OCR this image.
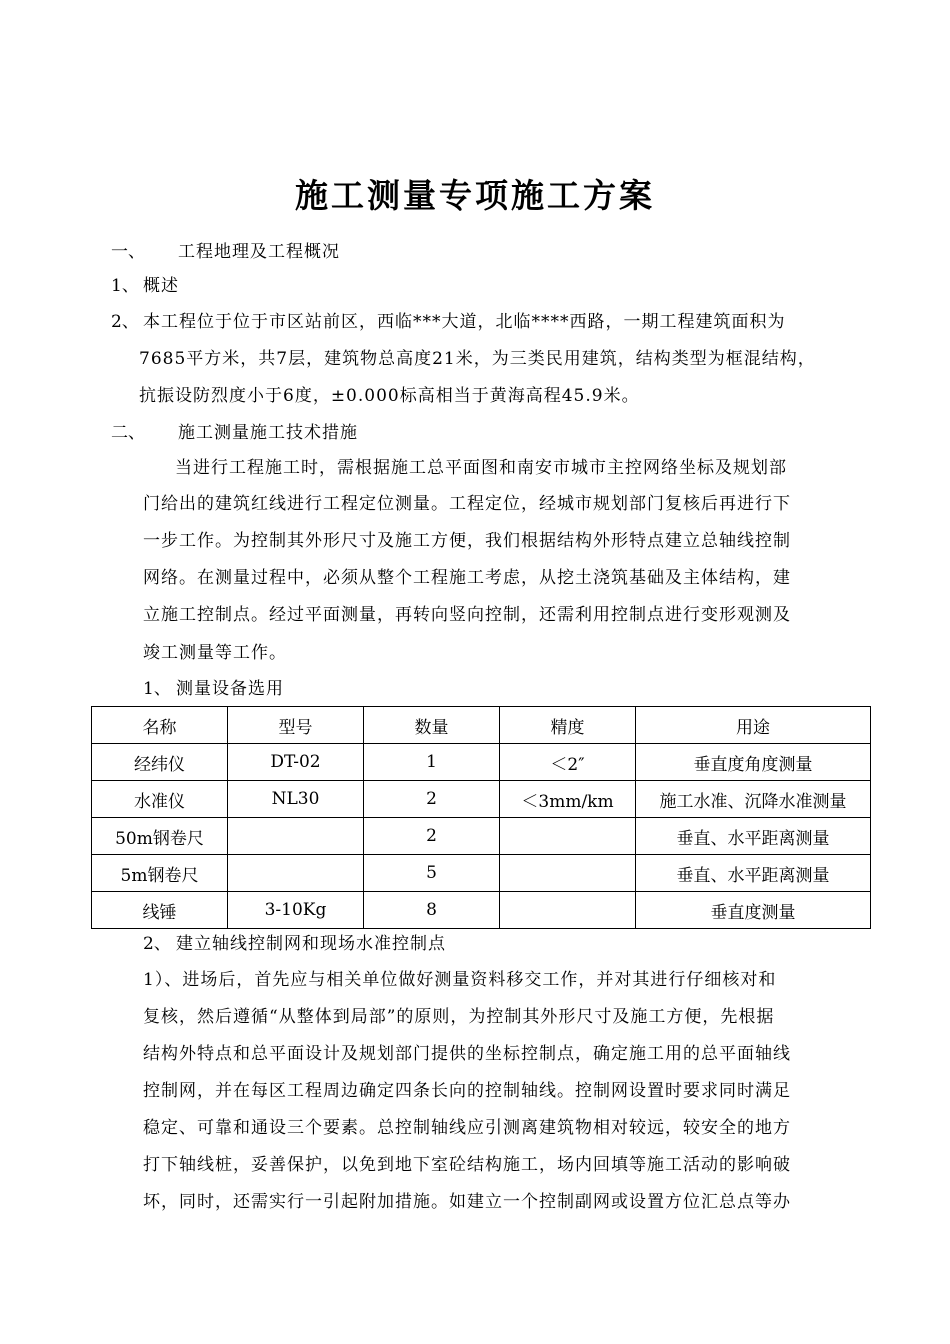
施工测量专项施工方案
一、 工程地理及工程概况
1、 概述
2、 本工程位于位于市区站前区，西临***大道，北临****西路，一期工程建筑面积为
7685平方米，共7层，建筑物总高度21米，为三类民用建筑，结构类型为框混结构，
抗振设防烈度小于6度，±0.000标高相当于黄海高程45.9米。
二、 施工测量施工技术措施
当进行工程施工时，需根据施工总平面图和南安市城市主控网络坐标及规划部
门给出的建筑红线进行工程定位测量。工程定位，经城市规划部门复核后再进行下
一步工作。为控制其外形尺寸及施工方便，我们根据结构外形特点建立总轴线控制
网络。在测量过程中，必须从整个工程施工考虑，从挖土浇筑基础及主体结构，建
立施工控制点。经过平面测量，再转向竖向控制，还需利用控制点进行变形观测及
竣工测量等工作。
1、 测量设备选用
名称	型号	数量	精度	用途
经纬仪	DT-02	1	＜2″	垂直度角度测量
水准仪	NL30	2	＜3mm/km	施工水准、沉降水准测量
50m钢卷尺		2		垂直、水平距离测量
5m钢卷尺		5		垂直、水平距离测量
线锤	3-10Kg	8		垂直度测量
2、 建立轴线控制网和现场水准控制点
1）、进场后，首先应与相关单位做好测量资料移交工作，并对其进行仔细核对和
复核，然后遵循“从整体到局部”的原则，为控制其外形尺寸及施工方便，先根据
结构外特点和总平面设计及规划部门提供的坐标控制点，确定施工用的总平面轴线
控制网，并在每区工程周边确定四条长向的控制轴线。控制网设置时要求同时满足
稳定、可靠和通设三个要素。总控制轴线应引测离建筑物相对较远，较安全的地方
打下轴线桩，妥善保护，以免到地下室砼结构施工，场内回填等施工活动的影响破
坏，同时，还需实行一引起附加措施。如建立一个控制副网或设置方位汇总点等办
